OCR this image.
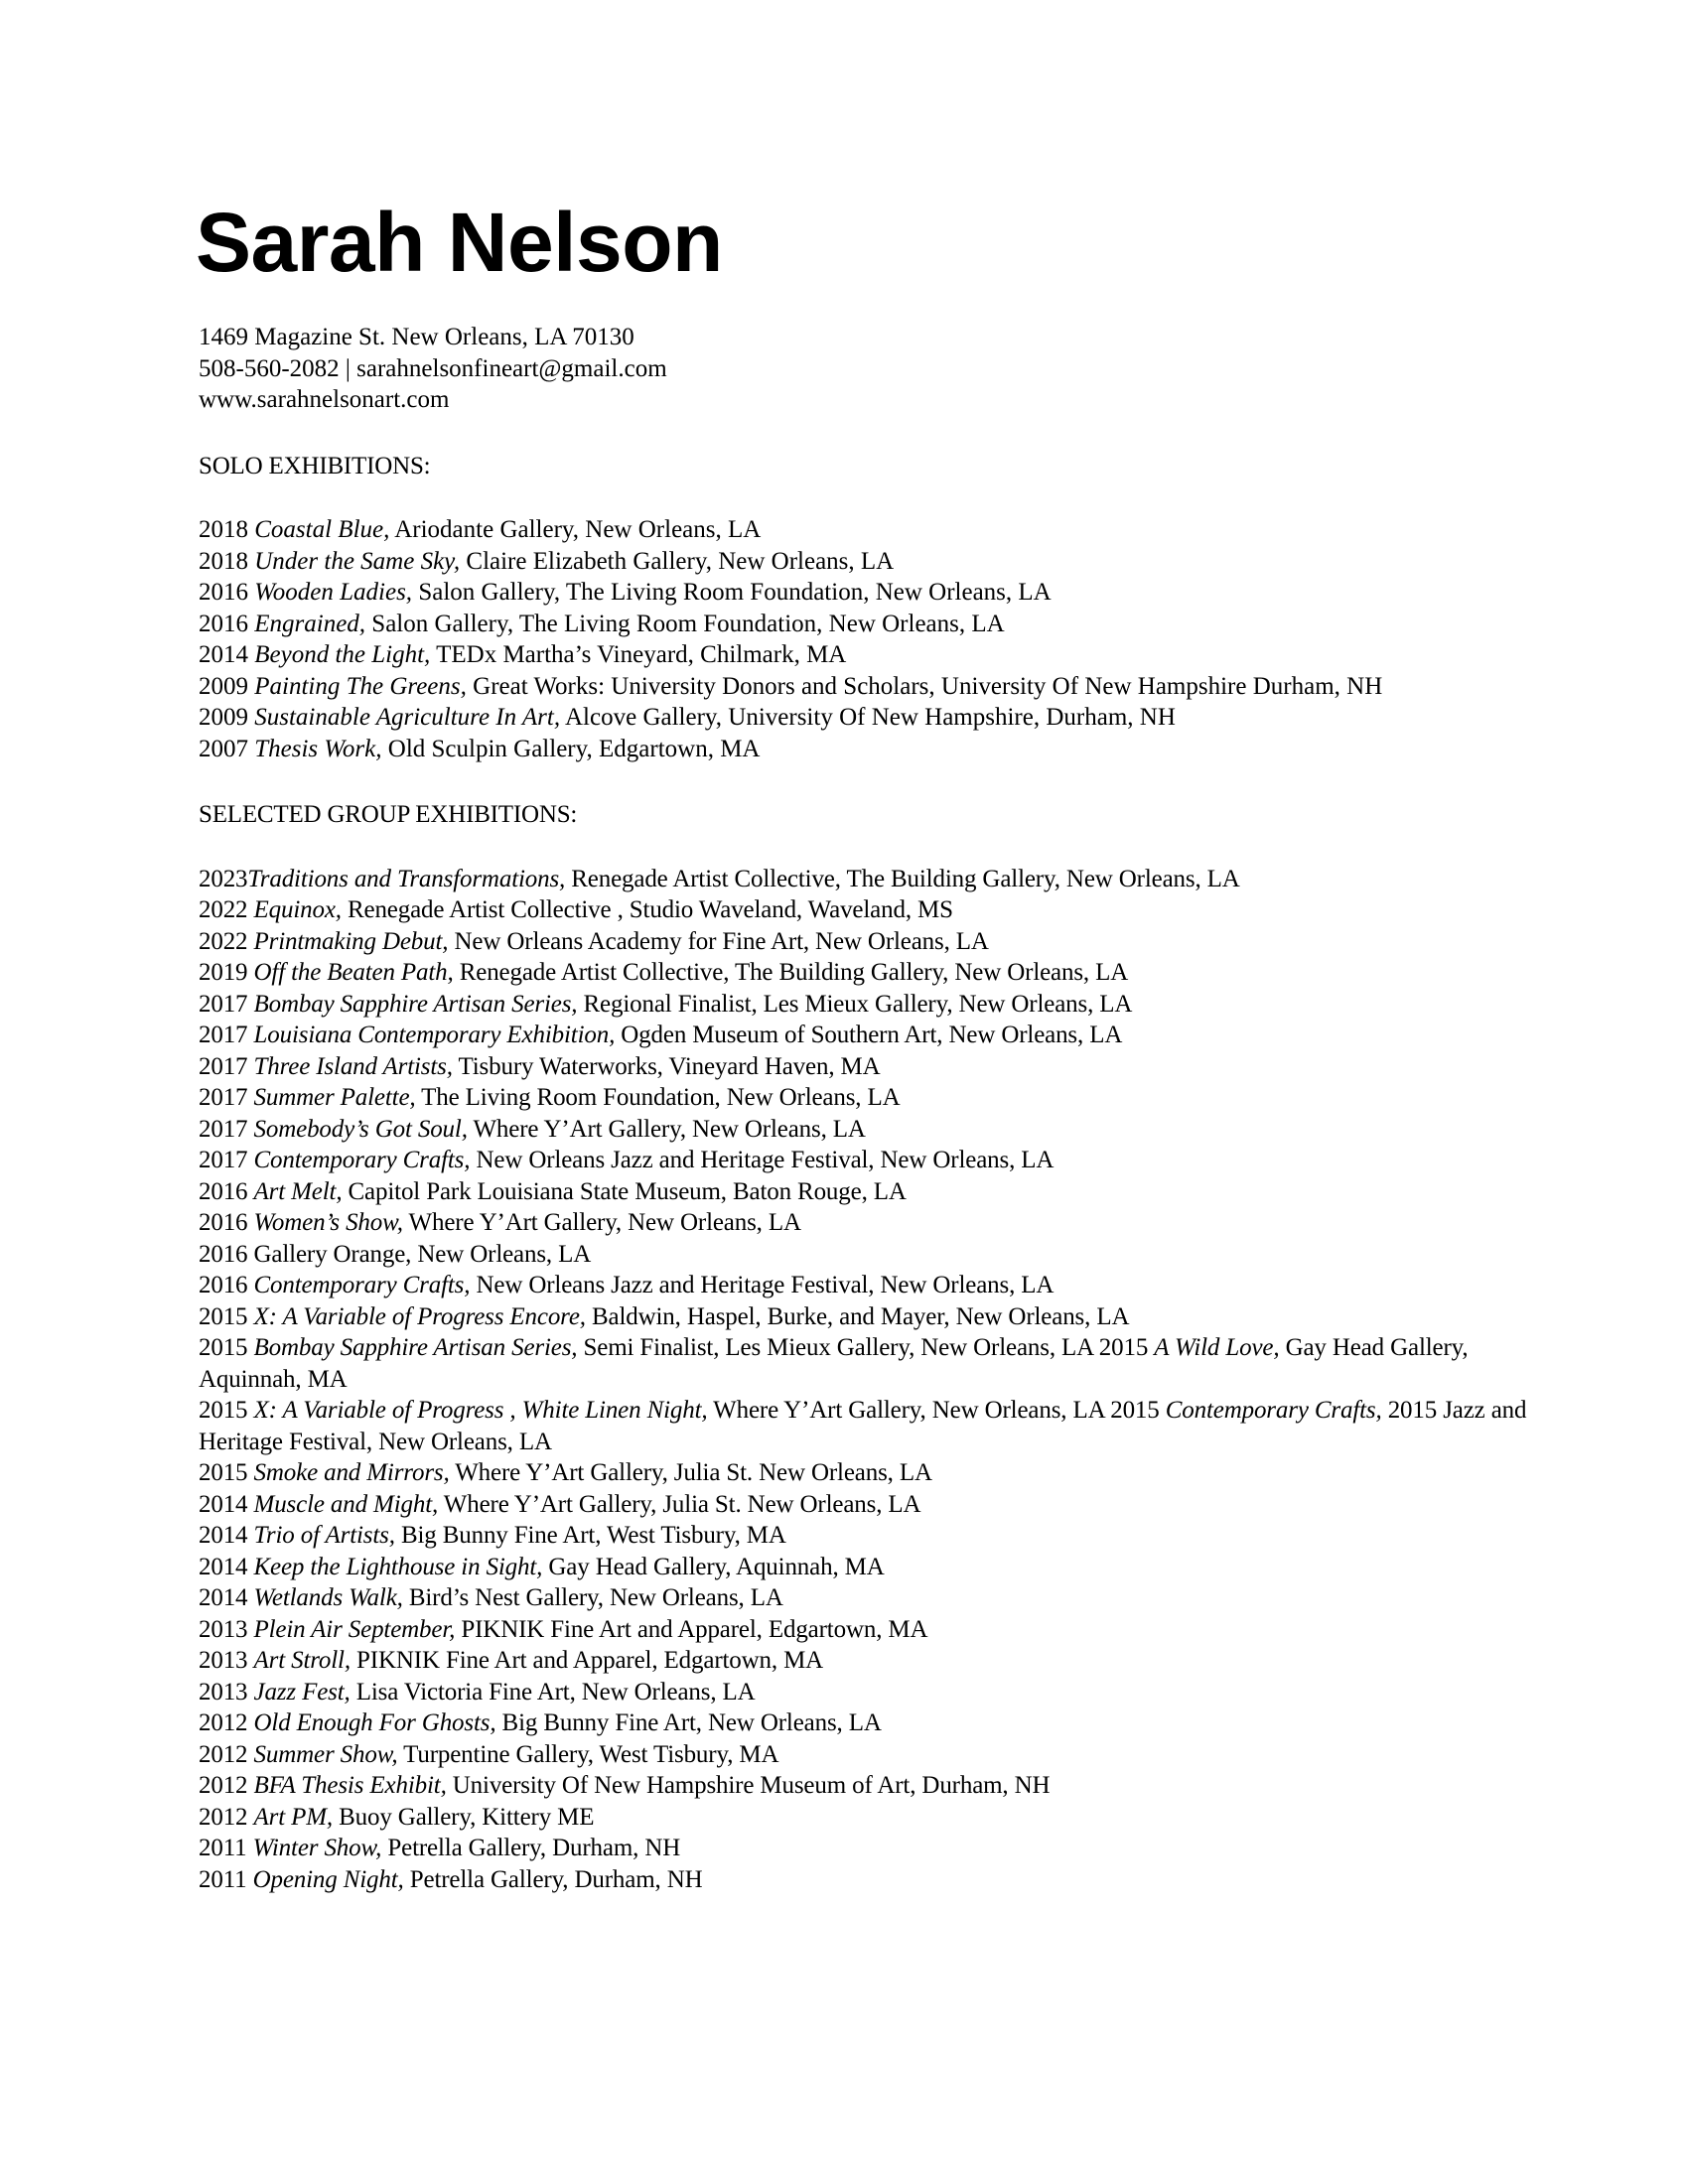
Sarah Nelson
1469 Magazine St. New Orleans, LA 70130
508-560-2082 | sarahnelsonfineart@gmail.com
www.sarahnelsonart.com
SOLO EXHIBITIONS:
2018 Coastal Blue, Ariodante Gallery, New Orleans, LA
2018 Under the Same Sky, Claire Elizabeth Gallery, New Orleans, LA
2016 Wooden Ladies, Salon Gallery, The Living Room Foundation, New Orleans, LA
2016 Engrained, Salon Gallery, The Living Room Foundation, New Orleans, LA
2014 Beyond the Light, TEDx Martha’s Vineyard, Chilmark, MA
2009 Painting The Greens, Great Works: University Donors and Scholars, University Of New Hampshire Durham, NH
2009 Sustainable Agriculture In Art, Alcove Gallery, University Of New Hampshire, Durham, NH
2007 Thesis Work, Old Sculpin Gallery, Edgartown, MA
SELECTED GROUP EXHIBITIONS:
2023Traditions and Transformations, Renegade Artist Collective, The Building Gallery, New Orleans, LA
2022 Equinox, Renegade Artist Collective , Studio Waveland, Waveland, MS
2022 Printmaking Debut, New Orleans Academy for Fine Art, New Orleans, LA
2019 Off the Beaten Path, Renegade Artist Collective, The Building Gallery, New Orleans, LA
2017 Bombay Sapphire Artisan Series, Regional Finalist, Les Mieux Gallery, New Orleans, LA
2017 Louisiana Contemporary Exhibition, Ogden Museum of Southern Art, New Orleans, LA
2017 Three Island Artists, Tisbury Waterworks, Vineyard Haven, MA
2017 Summer Palette, The Living Room Foundation, New Orleans, LA
2017 Somebody’s Got Soul, Where Y’Art Gallery, New Orleans, LA
2017 Contemporary Crafts, New Orleans Jazz and Heritage Festival, New Orleans, LA
2016 Art Melt, Capitol Park Louisiana State Museum, Baton Rouge, LA
2016 Women’s Show, Where Y’Art Gallery, New Orleans, LA
2016 Gallery Orange, New Orleans, LA
2016 Contemporary Crafts, New Orleans Jazz and Heritage Festival, New Orleans, LA
2015 X: A Variable of Progress Encore, Baldwin, Haspel, Burke, and Mayer, New Orleans, LA
2015 Bombay Sapphire Artisan Series, Semi Finalist, Les Mieux Gallery, New Orleans, LA 2015 A Wild Love, Gay Head Gallery, Aquinnah, MA
2015 X: A Variable of Progress , White Linen Night, Where Y’Art Gallery, New Orleans, LA 2015 Contemporary Crafts, 2015 Jazz and Heritage Festival, New Orleans, LA
2015 Smoke and Mirrors, Where Y’Art Gallery, Julia St. New Orleans, LA
2014 Muscle and Might, Where Y’Art Gallery, Julia St. New Orleans, LA
2014 Trio of Artists, Big Bunny Fine Art, West Tisbury, MA
2014 Keep the Lighthouse in Sight, Gay Head Gallery, Aquinnah, MA
2014 Wetlands Walk, Bird’s Nest Gallery, New Orleans, LA
2013 Plein Air September, PIKNIK Fine Art and Apparel, Edgartown, MA
2013 Art Stroll, PIKNIK Fine Art and Apparel, Edgartown, MA
2013 Jazz Fest, Lisa Victoria Fine Art, New Orleans, LA
2012 Old Enough For Ghosts, Big Bunny Fine Art, New Orleans, LA
2012 Summer Show, Turpentine Gallery, West Tisbury, MA
2012 BFA Thesis Exhibit, University Of New Hampshire Museum of Art, Durham, NH
2012 Art PM, Buoy Gallery, Kittery ME
2011 Winter Show, Petrella Gallery, Durham, NH
2011 Opening Night, Petrella Gallery, Durham, NH
